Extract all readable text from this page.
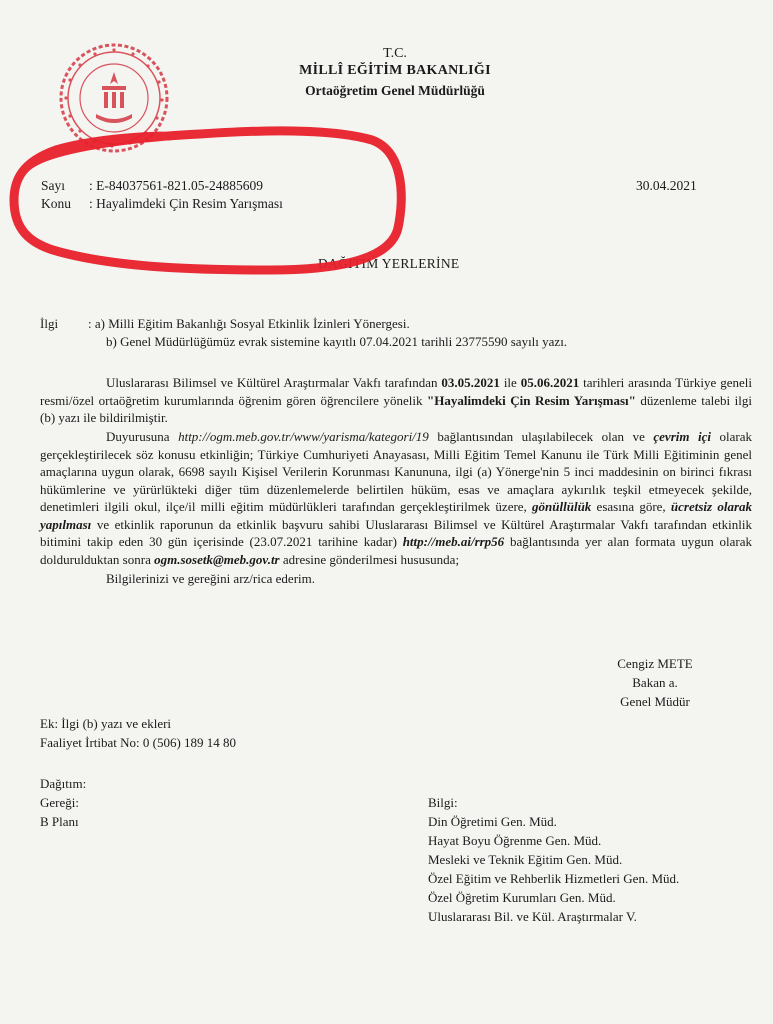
T.C.
MİLLÎ EĞİTİM BAKANLIĞI
Ortaöğretim Genel Müdürlüğü
Sayı : E-84037561-821.05-24885609
Konu : Hayalimdeki Çin Resim Yarışması
30.04.2021
DAĞITIM YERLERİNE
İlgi : a) Milli Eğitim Bakanlığı Sosyal Etkinlik İzinleri Yönergesi.
b) Genel Müdürlüğümüz evrak sistemine kayıtlı 07.04.2021 tarihli 23775590 sayılı yazı.

Uluslararası Bilimsel ve Kültürel Araştırmalar Vakfı tarafından 03.05.2021 ile 05.06.2021 tarihleri arasında Türkiye geneli resmi/özel ortaöğretim kurumlarında öğrenim gören öğrencilere yönelik "Hayalimdeki Çin Resim Yarışması" düzenleme talebi ilgi (b) yazı ile bildirilmiştir.

Duyurusuna http://ogm.meb.gov.tr/www/yarisma/kategori/19 bağlantısından ulaşılabilecek olan ve çevrim içi olarak gerçekleştirilecek söz konusu etkinliğin; Türkiye Cumhuriyeti Anayasası, Milli Eğitim Temel Kanunu ile Türk Milli Eğitiminin genel amaçlarına uygun olarak, 6698 sayılı Kişisel Verilerin Korunması Kanununa, ilgi (a) Yönerge'nin 5 inci maddesinin on birinci fıkrası hükümlerine ve yürürlükteki diğer tüm düzenlemelerde belirtilen hüküm, esas ve amaçlara aykırılık teşkil etmeyecek şekilde, denetimleri ilgili okul, ilçe/il milli eğitim müdürlükleri tarafından gerçekleştirilmek üzere, gönüllülük esasına göre, ücretsiz olarak yapılması ve etkinlik raporunun da etkinlik başvuru sahibi Uluslararası Bilimsel ve Kültürel Araştırmalar Vakfı tarafından etkinlik bitimini takip eden 30 gün içerisinde (23.07.2021 tarihine kadar) http://meb.ai/rrp56 bağlantısında yer alan formata uygun olarak doldurulduktan sonra ogm.sosetk@meb.gov.tr adresine gönderilmesi hususunda;

Bilgilerinizi ve gereğini arz/rica ederim.

Cengiz METE
Bakan a.
Genel Müdür
Ek: İlgi (b) yazı ve ekleri
Faaliyet İrtibat No: 0 (506) 189 14 80
Dağıtım:
Gereği:
B Planı
Bilgi:
Din Öğretimi Gen. Müd.
Hayat Boyu Öğrenme Gen. Müd.
Mesleki ve Teknik Eğitim Gen. Müd.
Özel Eğitim ve Rehberlik Hizmetleri Gen. Müd.
Özel Öğretim Kurumları Gen. Müd.
Uluslararası Bil. ve Kül. Araştırmalar V.
